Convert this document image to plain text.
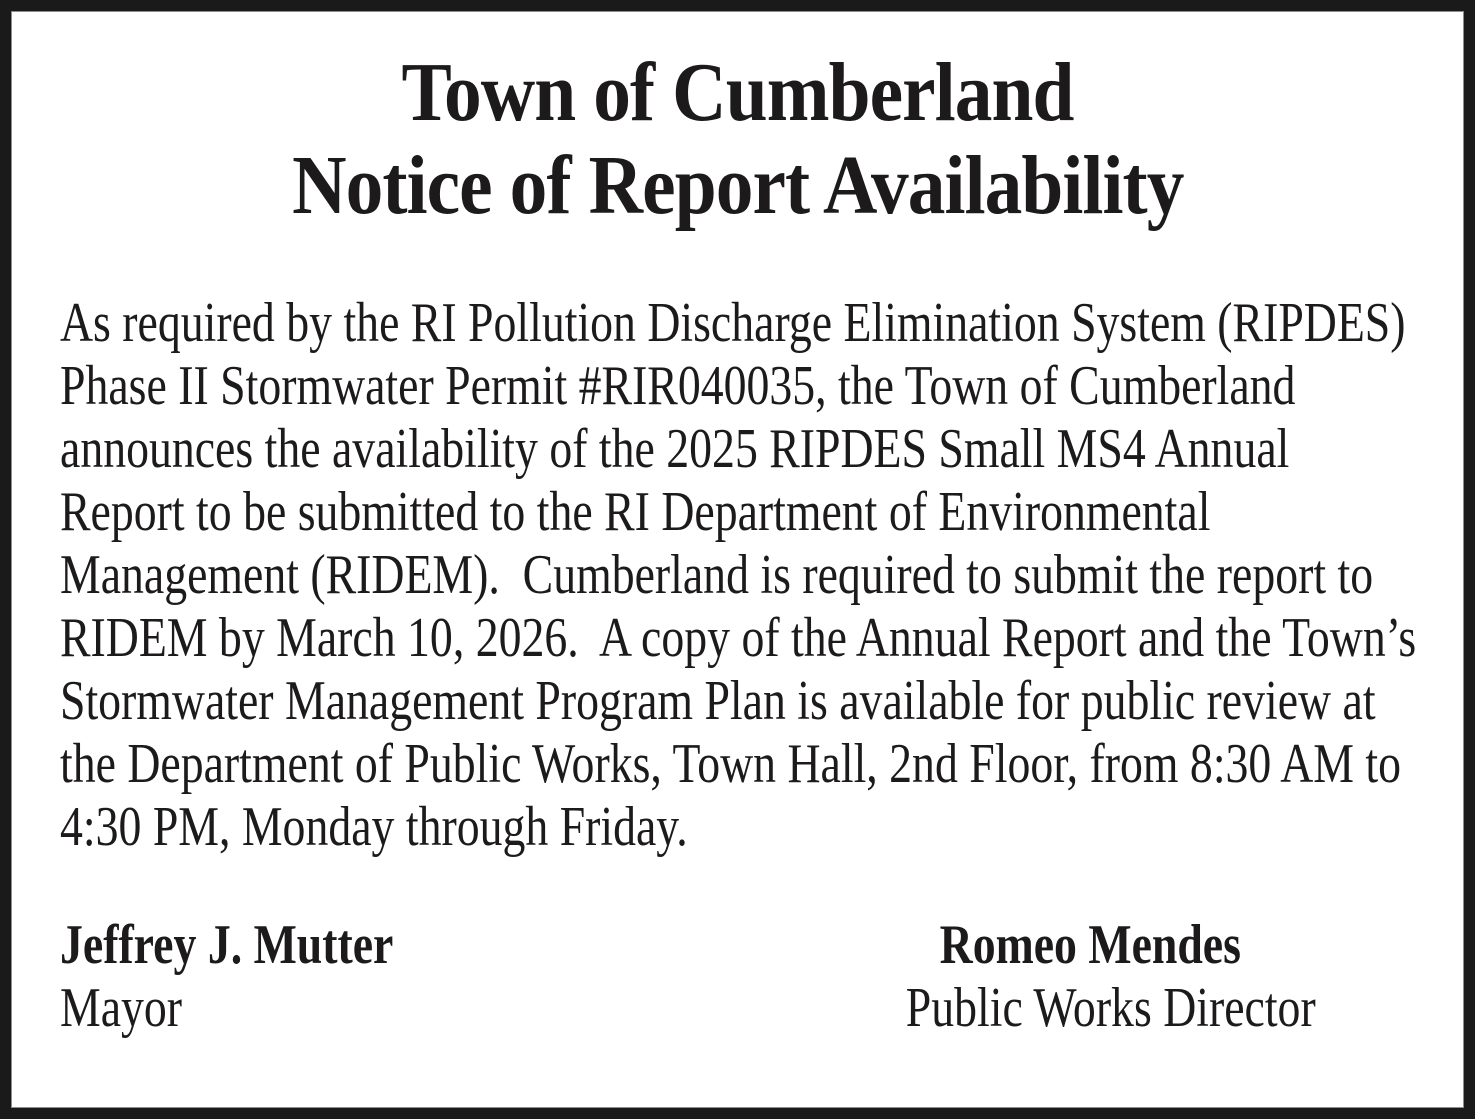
Town of Cumberland
Notice of Report Availability
As required by the RI Pollution Discharge Elimination System (RIPDES)
Phase II Stormwater Permit #RIR040035, the Town of Cumberland
announces the availability of the 2025 RIPDES Small MS4 Annual
Report to be submitted to the RI Department of Environmental
Management (RIDEM).  Cumberland is required to submit the report to
RIDEM by March 10, 2026.  A copy of the Annual Report and the Town’s
Stormwater Management Program Plan is available for public review at
the Department of Public Works, Town Hall, 2nd Floor, from 8:30 AM to
4:30 PM, Monday through Friday.
Jeffrey J. Mutter
Mayor
Romeo Mendes
Public Works Director
